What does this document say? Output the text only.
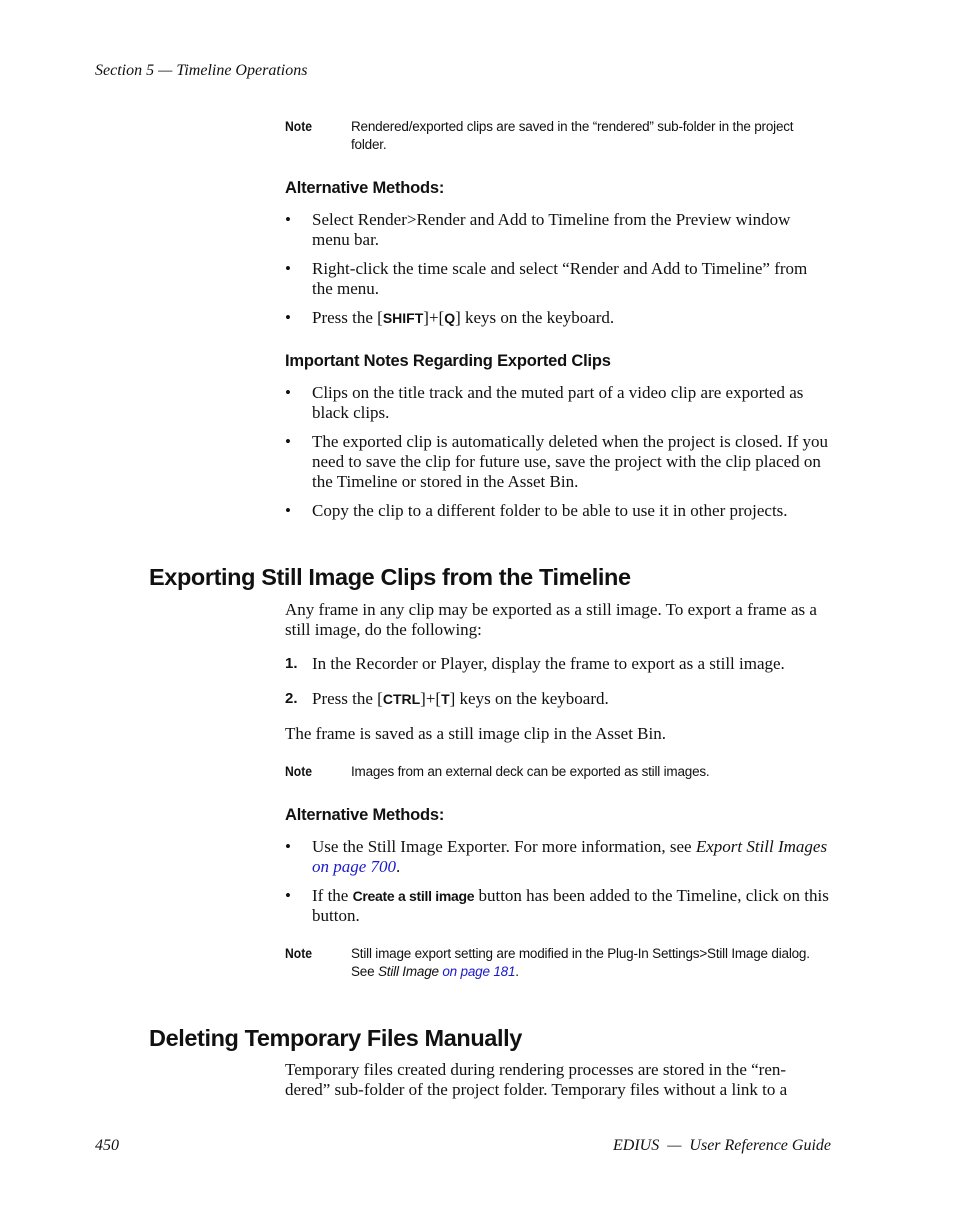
Section 5 — Timeline Operations
Note	Rendered/exported clips are saved in the “rendered” sub-folder in the project folder.
Alternative Methods:
•	Select Render>Render and Add to Timeline from the Preview window menu bar.
•	Right-click the time scale and select “Render and Add to Timeline” from the menu.
•	Press the [SHIFT]+[Q] keys on the keyboard.
Important Notes Regarding Exported Clips
•	Clips on the title track and the muted part of a video clip are exported as black clips.
•	The exported clip is automatically deleted when the project is closed. If you need to save the clip for future use, save the project with the clip placed on the Timeline or stored in the Asset Bin.
•	Copy the clip to a different folder to be able to use it in other projects.
Exporting Still Image Clips from the Timeline
Any frame in any clip may be exported as a still image. To export a frame as a still image, do the following:
1. In the Recorder or Player, display the frame to export as a still image.
2. Press the [CTRL]+[T] keys on the keyboard.
The frame is saved as a still image clip in the Asset Bin.
Note	Images from an external deck can be exported as still images.
Alternative Methods:
•	Use the Still Image Exporter. For more information, see Export Still Images on page 700.
•	If the Create a still image button has been added to the Timeline, click on this button.
Note	Still image export setting are modified in the Plug-In Settings>Still Image dialog. See Still Image on page 181.
Deleting Temporary Files Manually
Temporary files created during rendering processes are stored in the “ren-dered” sub-folder of the project folder. Temporary files without a link to a
450	EDIUS  —  User Reference Guide
